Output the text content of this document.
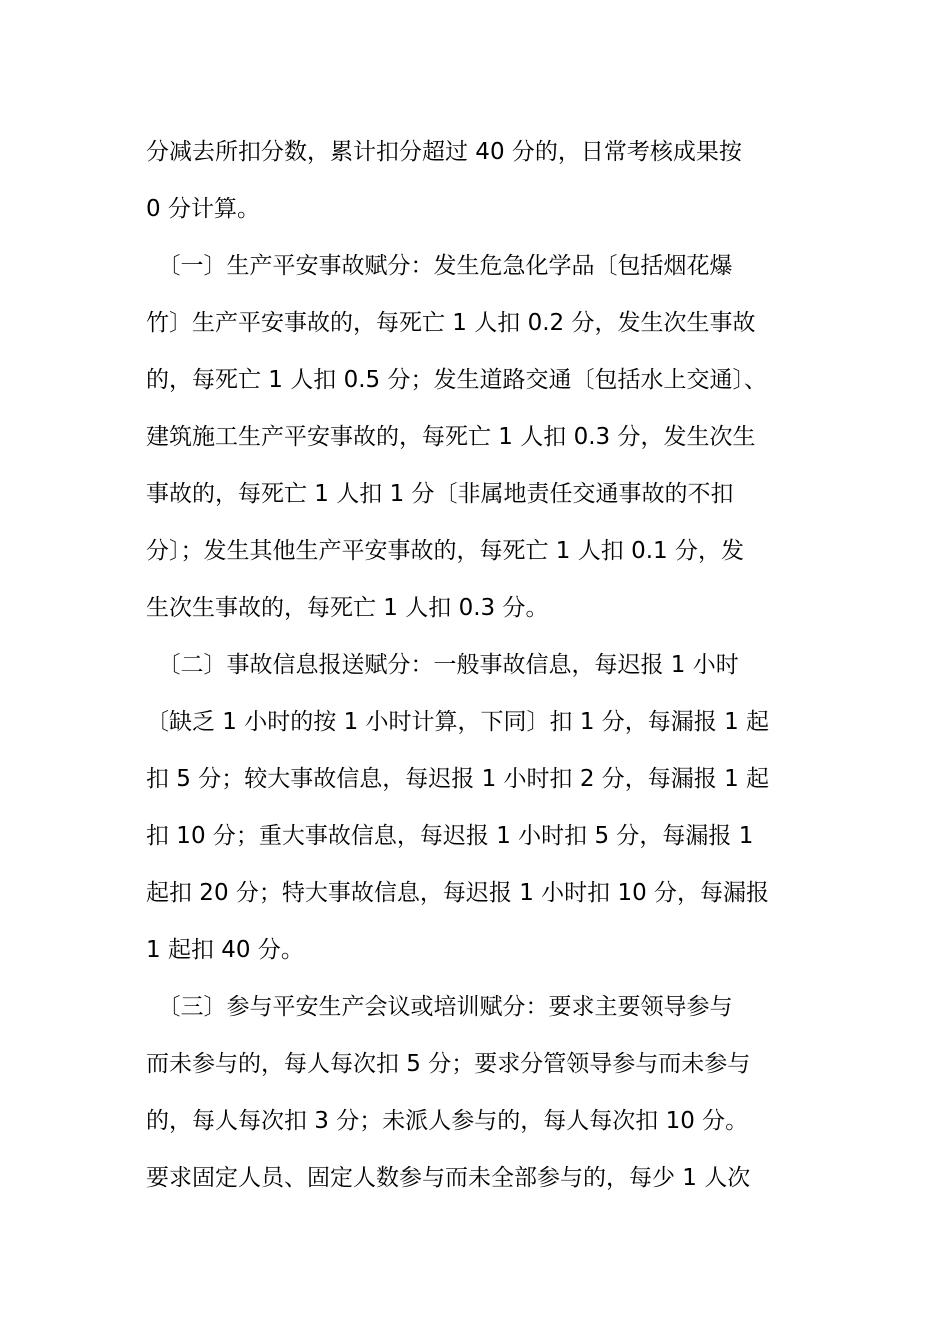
分减去所扣分数，累计扣分超过 40 分的，日常考核成果按
0 分计算。
　〔一〕生产平安事故赋分：发生危急化学品〔包括烟花爆
竹〕生产平安事故的，每死亡 1 人扣 0.2 分，发生次生事故
的，每死亡 1 人扣 0.5 分；发生道路交通〔包括水上交通〕、
建筑施工生产平安事故的，每死亡 1 人扣 0.3 分，发生次生
事故的，每死亡 1 人扣 1 分〔非属地责任交通事故的不扣
分〕；发生其他生产平安事故的，每死亡 1 人扣 0.1 分，发
生次生事故的，每死亡 1 人扣 0.3 分。
　〔二〕事故信息报送赋分：一般事故信息，每迟报 1 小时
〔缺乏 1 小时的按 1 小时计算，下同〕扣 1 分，每漏报 1 起
扣 5 分；较大事故信息，每迟报 1 小时扣 2 分，每漏报 1 起
扣 10 分；重大事故信息，每迟报 1 小时扣 5 分，每漏报 1
起扣 20 分；特大事故信息，每迟报 1 小时扣 10 分，每漏报
1 起扣 40 分。
　〔三〕参与平安生产会议或培训赋分：要求主要领导参与
而未参与的，每人每次扣 5 分；要求分管领导参与而未参与
的，每人每次扣 3 分；未派人参与的，每人每次扣 10 分。
要求固定人员、固定人数参与而未全部参与的，每少 1 人次
